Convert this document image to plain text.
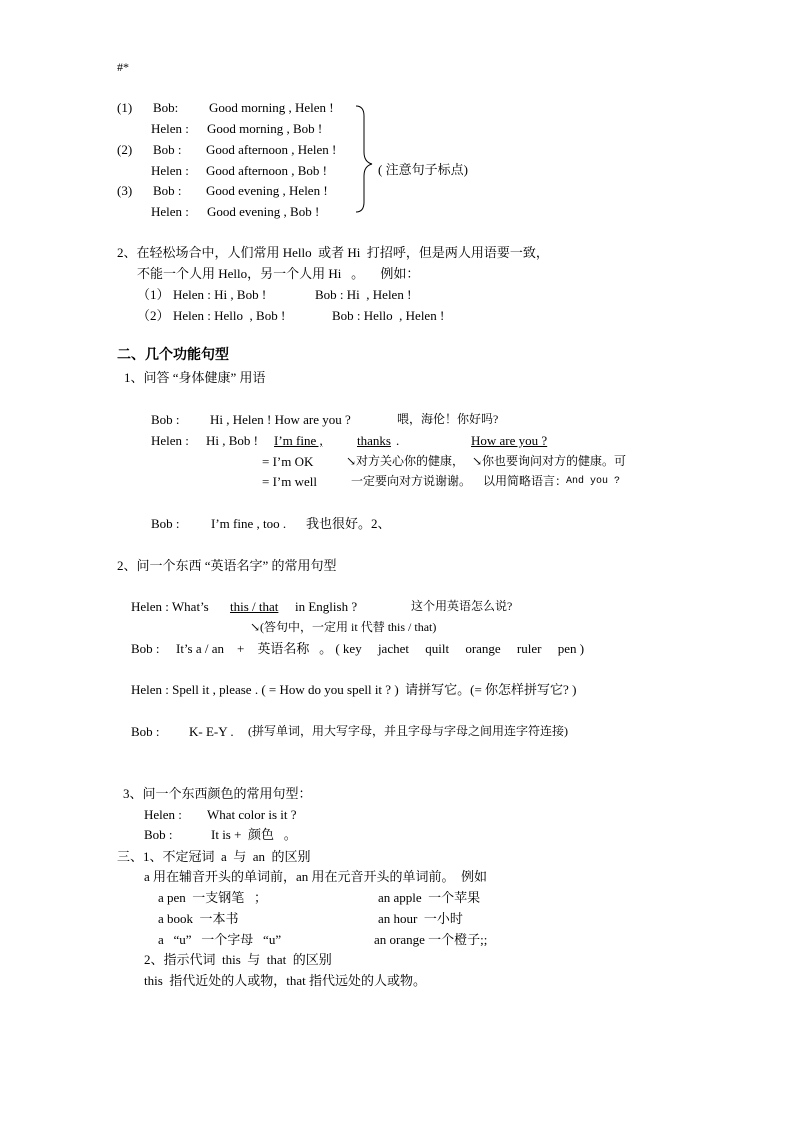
#*
(1) Bob: Good morning , Helen !
Helen : Good morning , Bob !
(2) Bob : Good afternoon , Helen !
Helen : Good afternoon , Bob !
(3) Bob : Good evening , Helen !
Helen : Good evening , Bob !
( 注意句子标点)
2、在轻松场合中，人们常用 Hello  或者 Hi  打招呼，但是两人用语要一致，
不能一个人用 Hello，另一个人用 Hi   。     例如：
（1） Helen : Hi , Bob !	Bob : Hi  , Helen !
（2） Helen : Hello  , Bob !	Bob : Hello  , Helen !
二、几个功能句型
1、问答 “身体健康” 用语
Bob : Hi , Helen ! How are you ?	喂，海伦！你好吗?
Helen : Hi , Bob ! I’m fine ,	thanks .	How are you ?
= I’m OK	↘对方关心你的健康， ↘你也要询问对方的健康。可
= I’m well	一定要向对方说谢谢。 以用简略语言：
And you ?
Bob : I’m fine , too . 我也很好。2、
2、问一个东西 “英语名字” 的常用句型
Helen : What’s this / that in English ?	这个用英语怎么说?
↘(答句中，一定用 it 代替 this / that)
Bob : It’s a / an    +    英语名称   。 ( key     jachet     quilt     orange     ruler     pen )
Helen : Spell it , please . ( = How do you spell it ? )  请拼写它。(= 你怎样拼写它? )
Bob : K- E-Y . (拼写单词，用大写字母，并且字母与字母之间用连字符连接)
3、问一个东西颜色的常用句型：
Helen : What color is it ?
Bob :	It is +  颜色   。
三、1、不定冠词  a  与  an  的区别
a 用在辅音开头的单词前，an 用在元音开头的单词前。  例如
a pen  一支钢笔   ；	an apple  一个苹果
a book  一本书	an hour  一小时
a   “u”   一个字母   “u”	an orange 一个橙子;;
2、指示代词  this  与  that  的区别
this  指代近处的人或物，that 指代远处的人或物。
